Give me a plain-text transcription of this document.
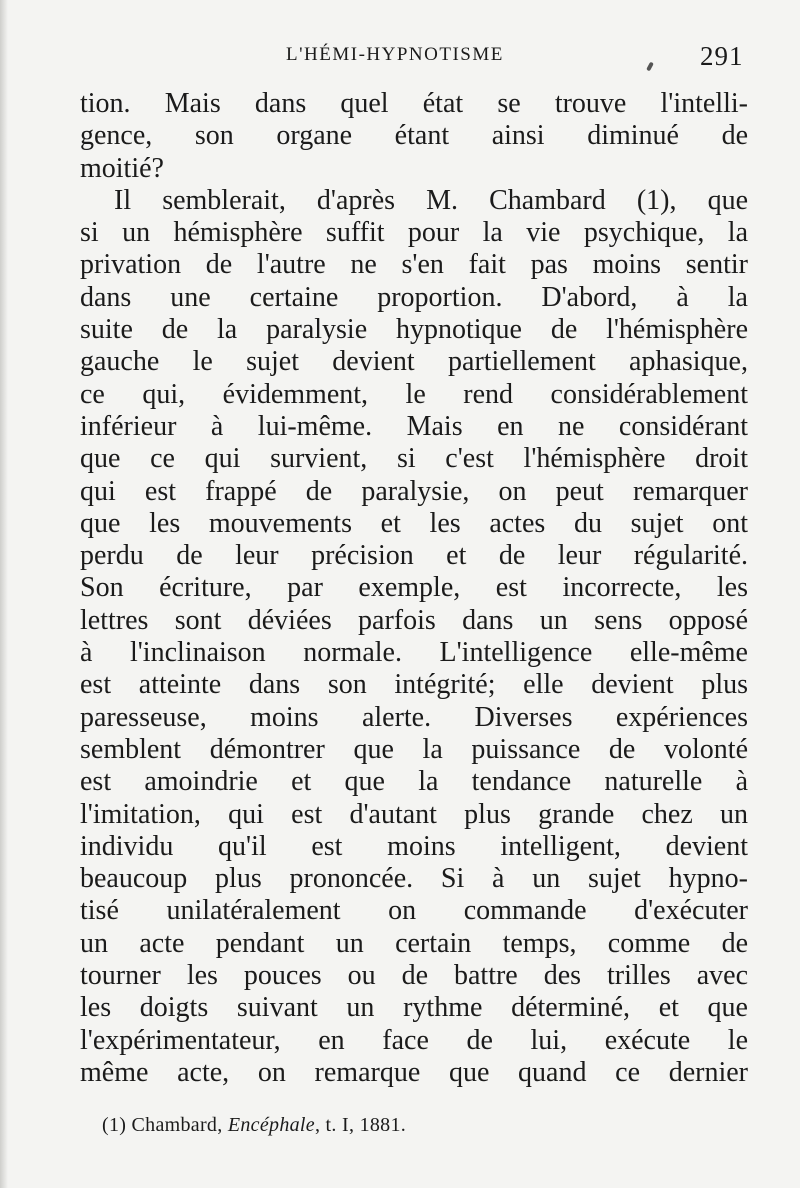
L'HÉMI-HYPNOTISME	291
tion. Mais dans quel état se trouve l'intelli-
gence, son organe étant ainsi diminué de
moitié?
Il semblerait, d'après M. Chambard (1), que
si un hémisphère suffit pour la vie psychique, la
privation de l'autre ne s'en fait pas moins sentir
dans une certaine proportion. D'abord, à la
suite de la paralysie hypnotique de l'hémisphère
gauche le sujet devient partiellement aphasique,
ce qui, évidemment, le rend considérablement
inférieur à lui-même. Mais en ne considérant
que ce qui survient, si c'est l'hémisphère droit
qui est frappé de paralysie, on peut remarquer
que les mouvements et les actes du sujet ont
perdu de leur précision et de leur régularité.
Son écriture, par exemple, est incorrecte, les
lettres sont déviées parfois dans un sens opposé
à l'inclinaison normale. L'intelligence elle-même
est atteinte dans son intégrité; elle devient plus
paresseuse, moins alerte. Diverses expériences
semblent démontrer que la puissance de volonté
est amoindrie et que la tendance naturelle à
l'imitation, qui est d'autant plus grande chez un
individu qu'il est moins intelligent, devient
beaucoup plus prononcée. Si à un sujet hypno-
tisé unilatéralement on commande d'exécuter
un acte pendant un certain temps, comme de
tourner les pouces ou de battre des trilles avec
les doigts suivant un rythme déterminé, et que
l'expérimentateur, en face de lui, exécute le
même acte, on remarque que quand ce dernier
(1) Chambard, Encéphale, t. I, 1881.
